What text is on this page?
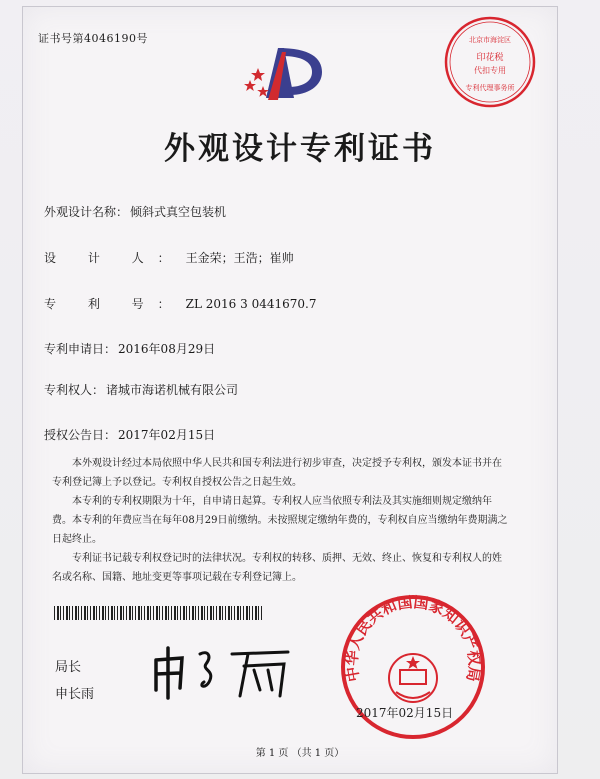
证书号第4046190号	北京市海淀区
印花税
代扣专用
专利代理事务所
外观设计专利证书
外观设计名称： 倾斜式真空包装机
设 计 人： 王金荣；王浩；崔帅
专 利 号： ZL 2016 3 0441670.7
专利申请日： 2016年08月29日
专利权人： 诸城市海诺机械有限公司
授权公告日： 2017年02月15日

本外观设计经过本局依照中华人民共和国专利法进行初步审查，决定授予专利权，颁发本证书并在专利登记簿上予以登记。专利权自授权公告之日起生效。

本专利的专利权期限为十年，自申请日起算。专利权人应当依照专利法及其实施细则规定缴纳年费。本专利的年费应当在每年08月29日前缴纳。未按照规定缴纳年费的，专利权自应当缴纳年费期满之日起终止。

专利证书记载专利权登记时的法律状况。专利权的转移、质押、无效、终止、恢复和专利权人的姓名或名称、国籍、地址变更等事项记载在专利登记簿上。

局长
申长雨
中华人民共和国国家知识产权局
2017年02月15日
第 1 页 （共 1 页）
